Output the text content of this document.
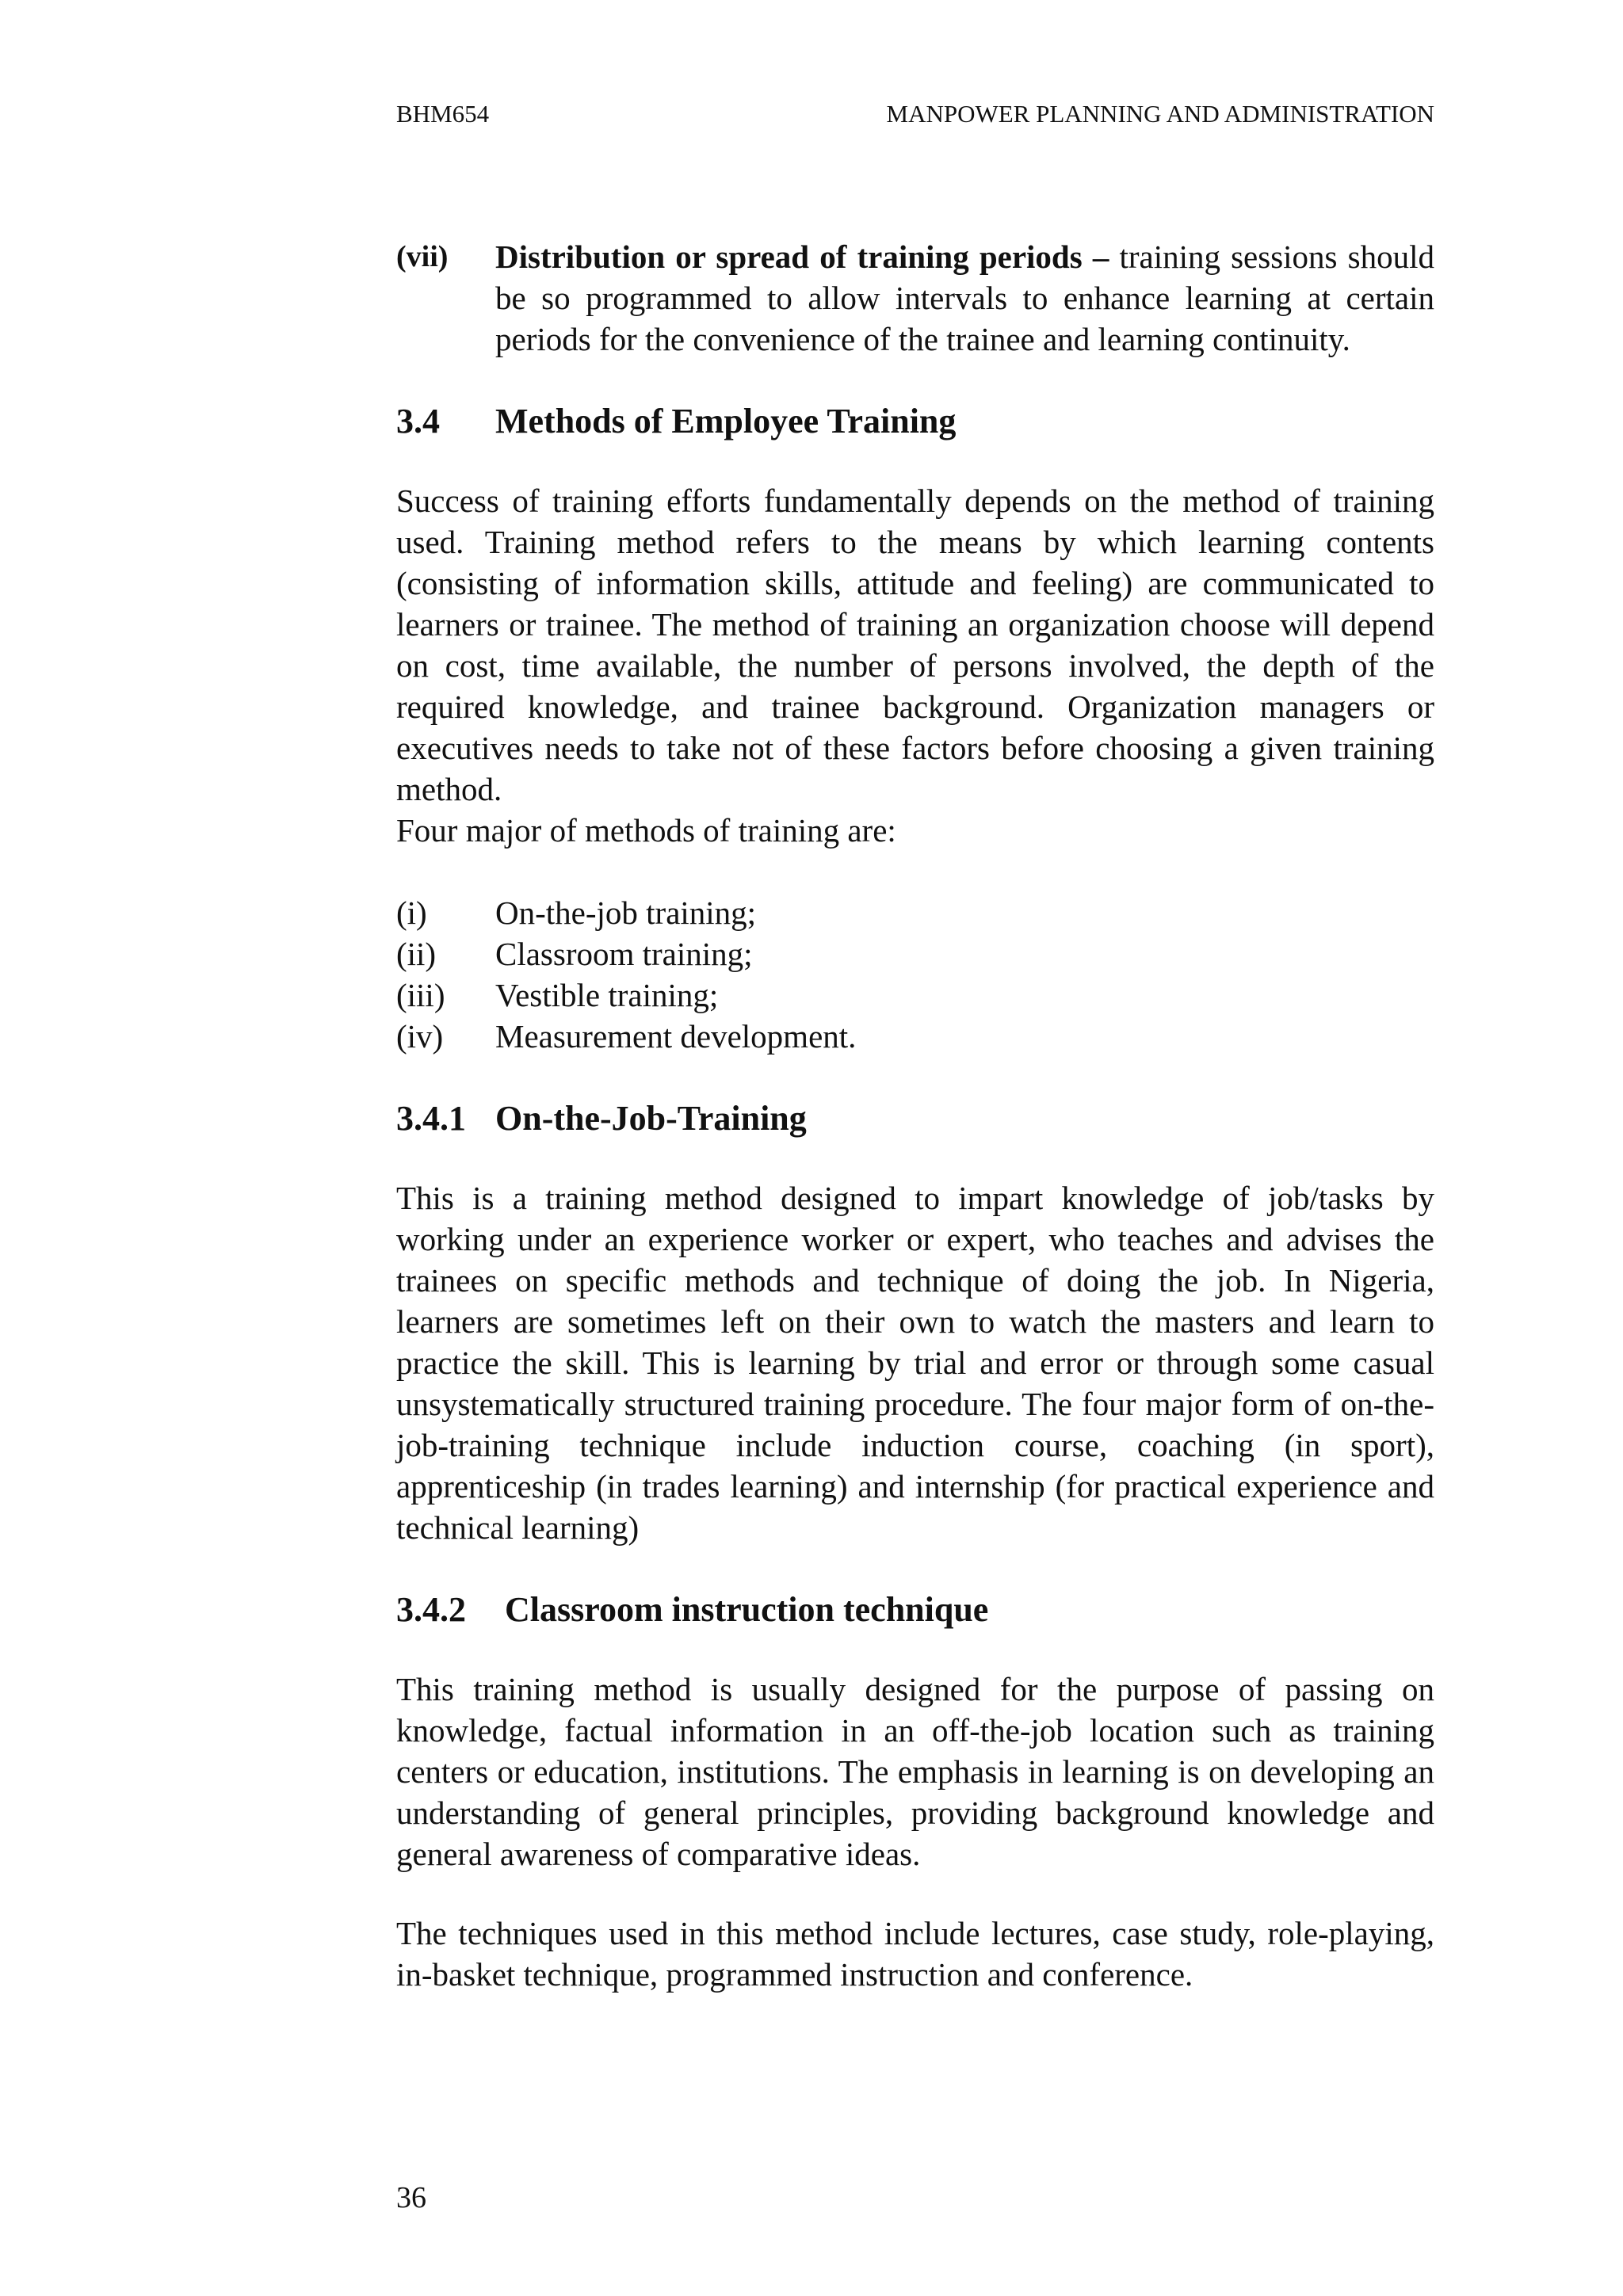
BHM654	MANPOWER PLANNING AND ADMINISTRATION
(vii)	Distribution or spread of training periods – training sessions should be so programmed to allow intervals to enhance learning at certain periods for the convenience of the trainee and learning continuity.
3.4	Methods of Employee Training

Success of training efforts fundamentally depends on the method of training used. Training method refers to the means by which learning contents (consisting of information skills, attitude and feeling) are communicated to learners or trainee. The method of training an organization choose will depend on cost, time available, the number of persons involved, the depth of the required knowledge, and trainee background. Organization managers or executives needs to take not of these factors before choosing a given training method.

Four major of methods of training are:

(i)	On-the-job training;
(ii)	Classroom training;
(iii)	Vestible training;
(iv)	Measurement development.
3.4.1 On-the-Job-Training

This is a training method designed to impart knowledge of job/tasks by working under an experience worker or expert, who teaches and advises the trainees on specific methods and technique of doing the job. In Nigeria, learners are sometimes left on their own to watch the masters and learn to practice the skill. This is learning by trial and error or through some casual unsystematically structured training procedure. The four major form of on-the-job-training technique include induction course, coaching (in sport), apprenticeship (in trades learning) and internship (for practical experience and technical learning)

3.4.2	Classroom instruction technique

This training method is usually designed for the purpose of passing on knowledge, factual information in an off-the-job location such as training centers or education, institutions. The emphasis in learning is on developing an understanding of general principles, providing background knowledge and general awareness of comparative ideas.

The techniques used in this method include lectures, case study, role-playing, in-basket technique, programmed instruction and conference.

36
